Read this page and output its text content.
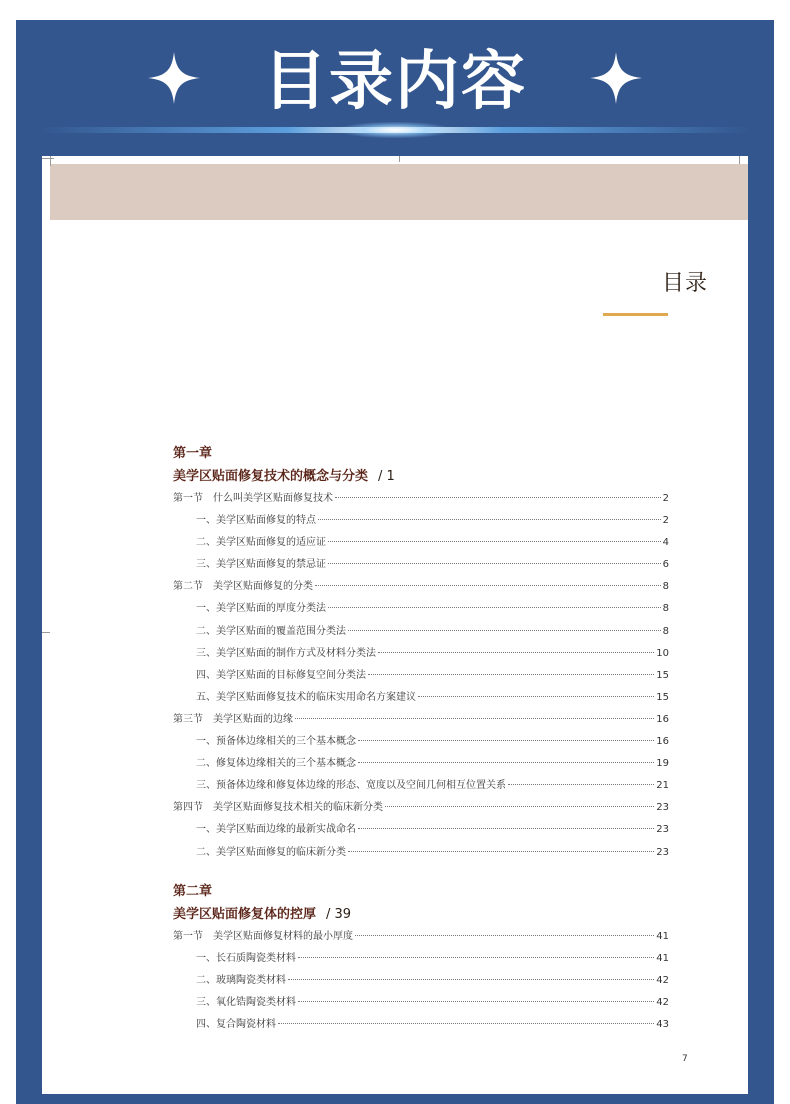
目录内容
目录
第一章
美学区贴面修复技术的概念与分类 / 1
第一节 什么叫美学区贴面修复技术	2
一、美学区贴面修复的特点	2
二、美学区贴面修复的适应证	4
三、美学区贴面修复的禁忌证	6
第二节 美学区贴面修复的分类	8
一、美学区贴面的厚度分类法	8
二、美学区贴面的覆盖范围分类法	8
三、美学区贴面的制作方式及材料分类法	10
四、美学区贴面的目标修复空间分类法	15
五、美学区贴面修复技术的临床实用命名方案建议	15
第三节 美学区贴面的边缘	16
一、预备体边缘相关的三个基本概念	16
二、修复体边缘相关的三个基本概念	19
三、预备体边缘和修复体边缘的形态、宽度以及空间几何相互位置关系	21
第四节 美学区贴面修复技术相关的临床新分类	23
一、美学区贴面边缘的最新实战命名	23
二、美学区贴面修复的临床新分类	23
第二章
美学区贴面修复体的控厚 / 39
第一节 美学区贴面修复材料的最小厚度	41
一、长石质陶瓷类材料	41
二、玻璃陶瓷类材料	42
三、氧化锆陶瓷类材料	42
四、复合陶瓷材料	43
7
